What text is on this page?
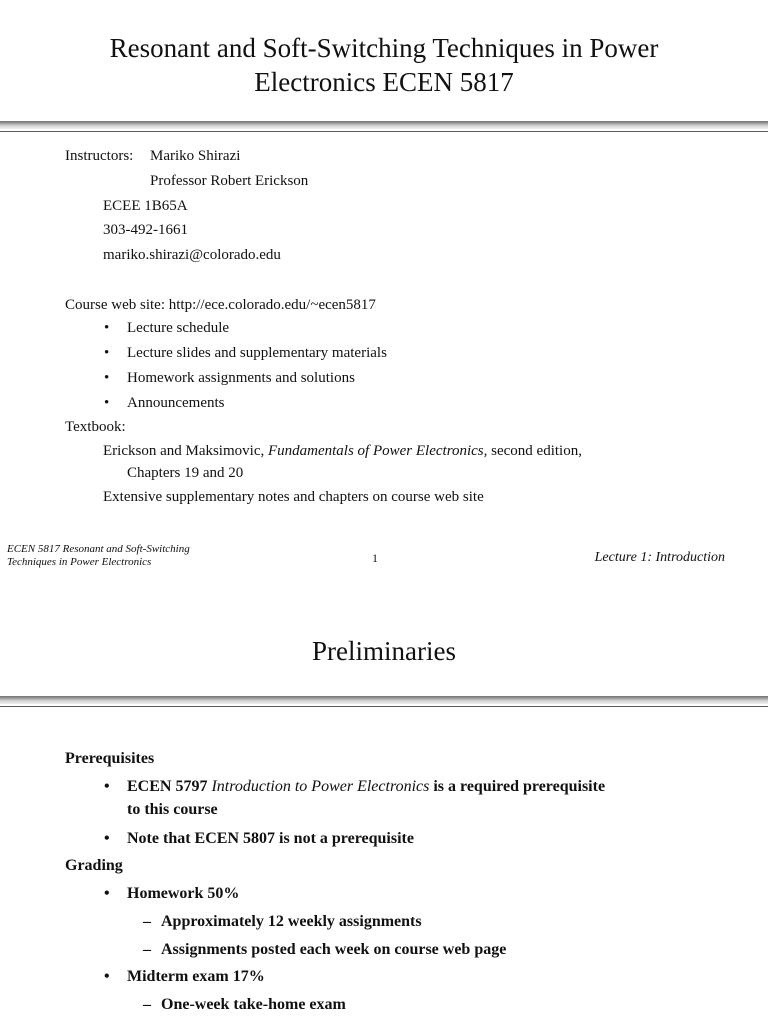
Resonant and Soft-Switching Techniques in Power
Electronics ECEN 5817
Instructors: Mariko Shirazi
Professor Robert Erickson
ECEE 1B65A
303-492-1661
mariko.shirazi@colorado.edu
Course web site: http://ece.colorado.edu/~ecen5817
• Lecture schedule
• Lecture slides and supplementary materials
• Homework assignments and solutions
• Announcements
Textbook:
Erickson and Maksimovic, Fundamentals of Power Electronics, second edition,
Chapters 19 and 20
Extensive supplementary notes and chapters on course web site
ECEN 5817 Resonant and Soft-Switching
Techniques in Power Electronics	1	Lecture 1: Introduction
Preliminaries
Prerequisites
• ECEN 5797 Introduction to Power Electronics is a required prerequisite
to this course
• Note that ECEN 5807 is not a prerequisite
Grading
• Homework 50%
– Approximately 12 weekly assignments
– Assignments posted each week on course web page
• Midterm exam 17%
– One-week take-home exam
